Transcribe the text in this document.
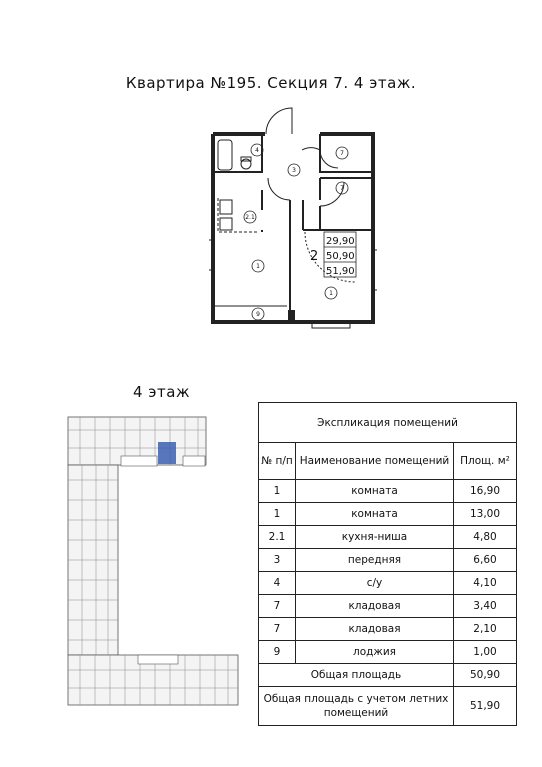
Квартира №195. Секция 7. 4 этаж.
4
3
7
7
2.1
1
1
9
2
29,90
50,90
51,90
4 этаж
Экспликация помещений		
№ п/п	Наименование помещений	Площ. м²
1	комната	16,90
1	комната	13,00
2.1	кухня-ниша	4,80
3	передняя	6,60
4	с/у	4,10
7	кладовая	3,40
7	кладовая	2,10
9	лоджия	1,00
Общая площадь		50,90
Общая площадь с учетом летних помещений		51,90
